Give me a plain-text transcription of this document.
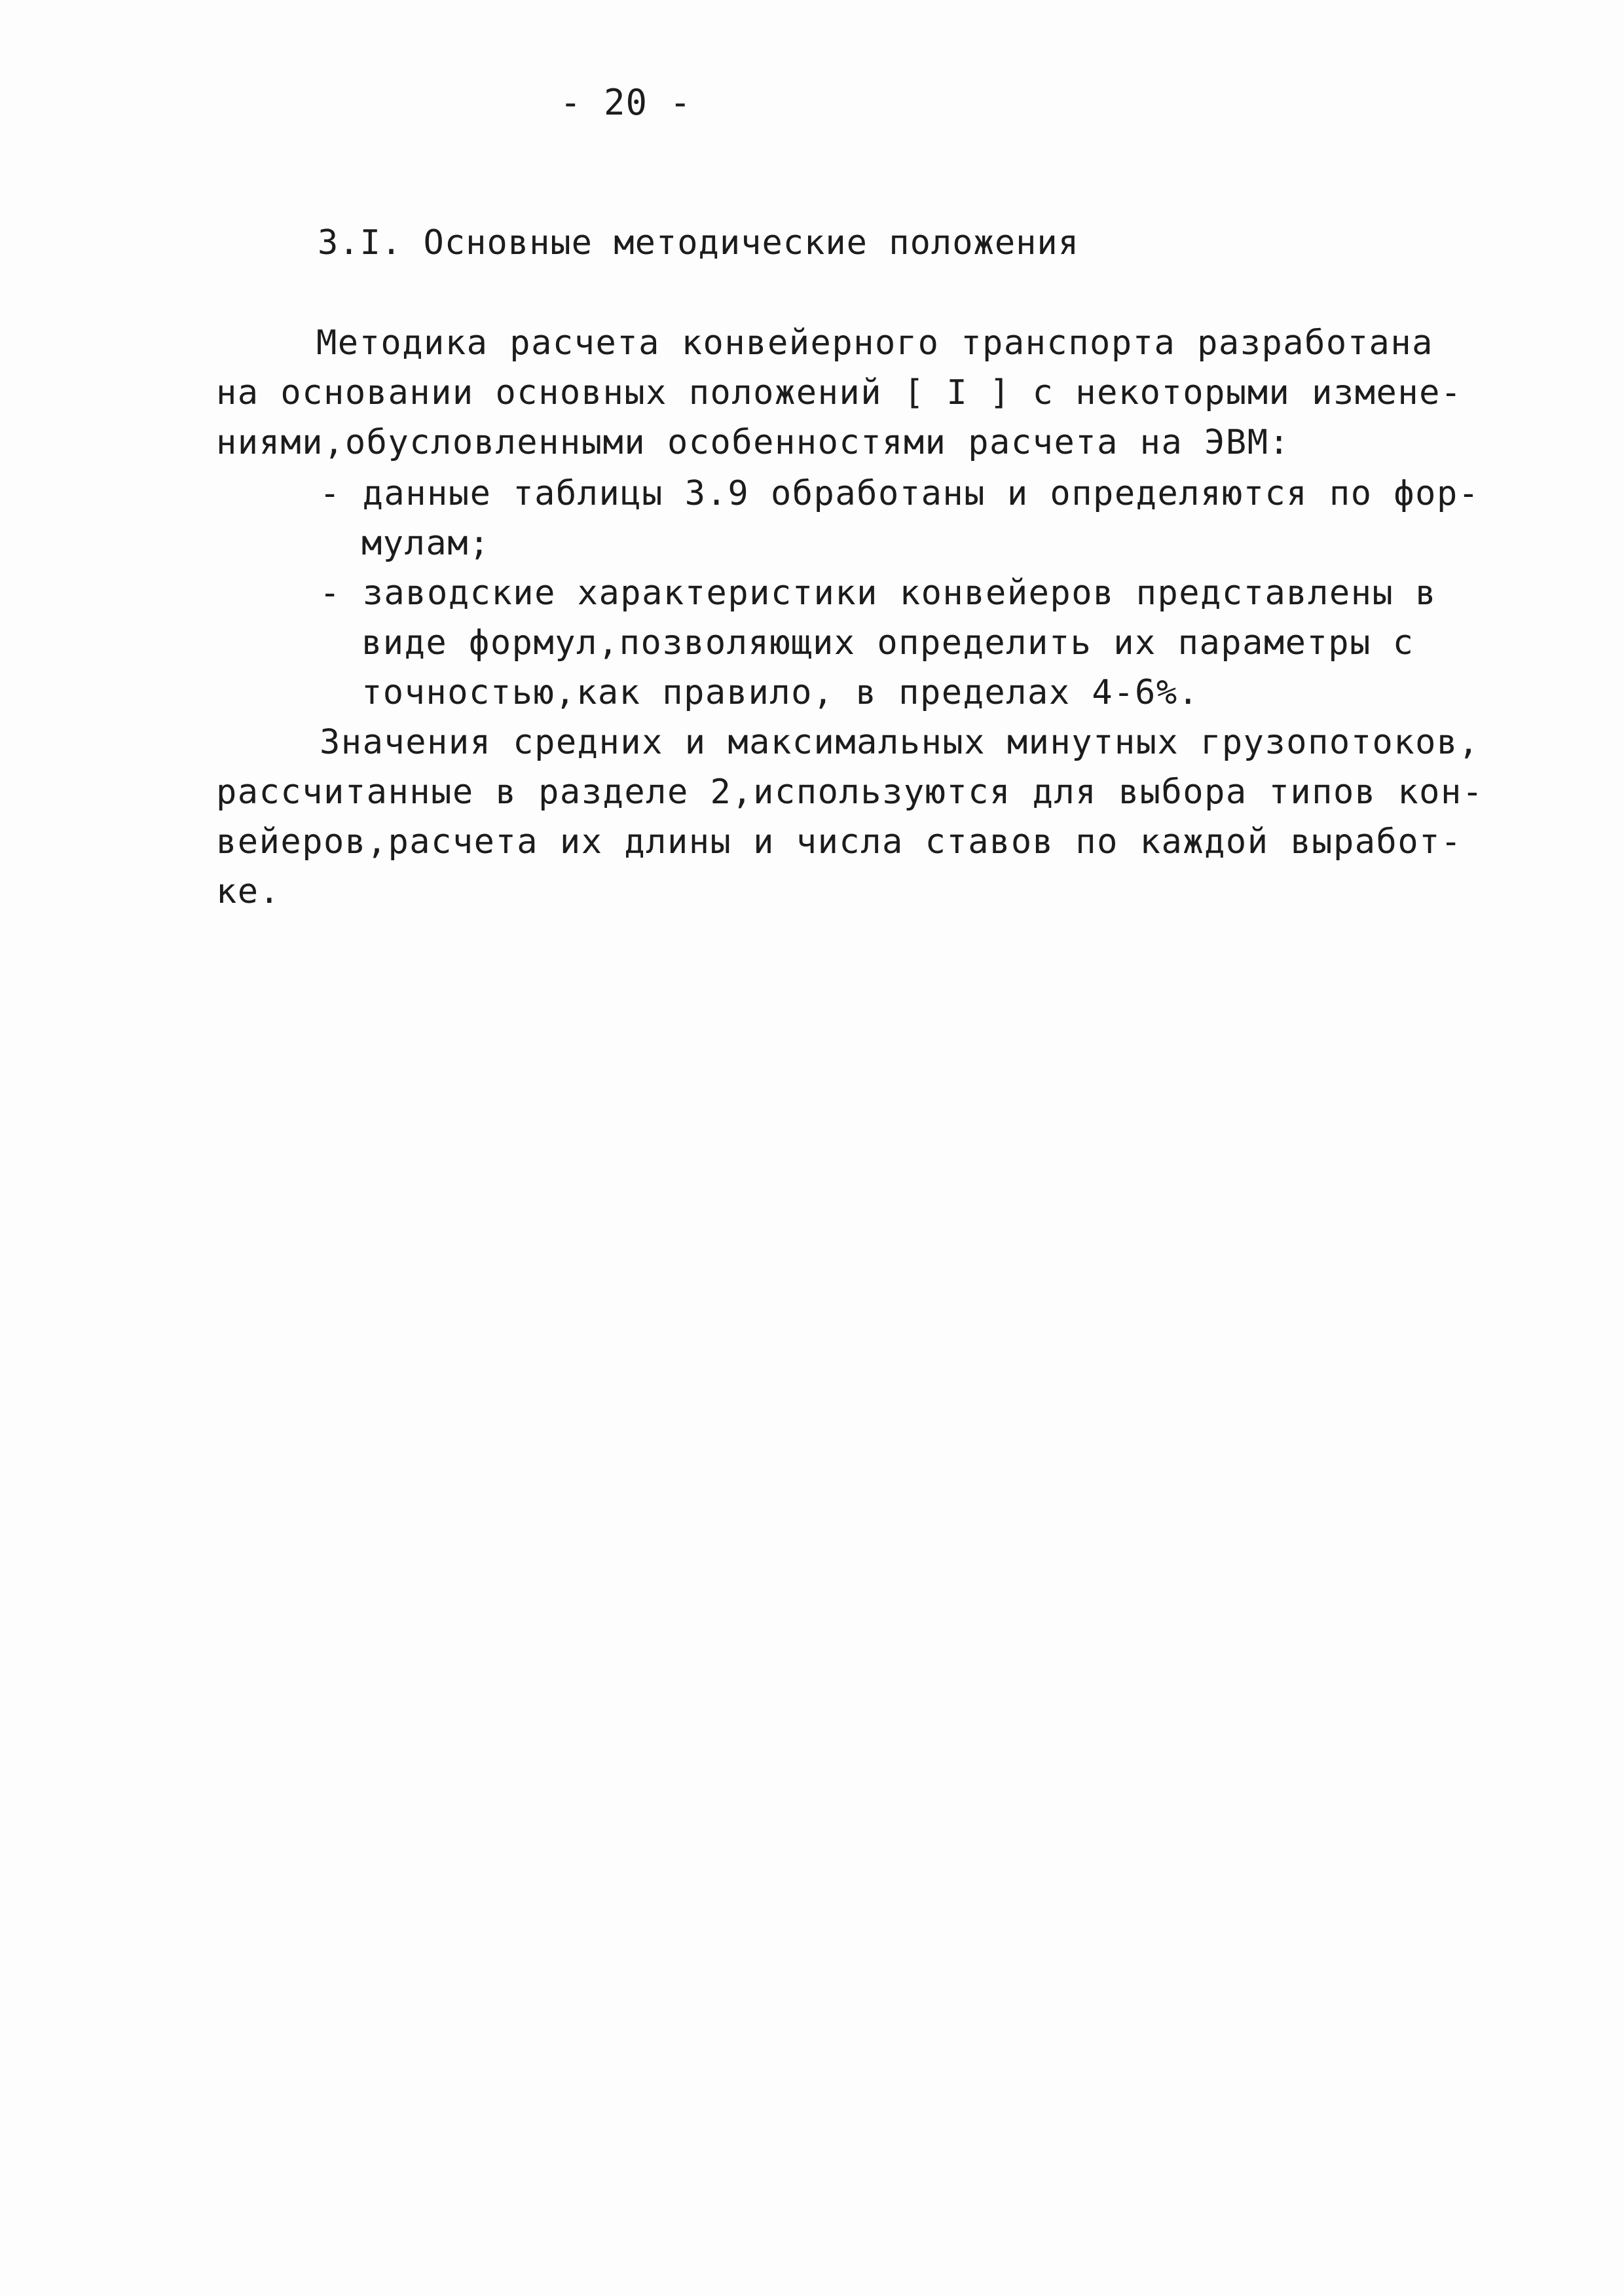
- 20 -
3.I. Основные методические положения
Методика расчета конвейерного транспорта разработана
на основании основных положений [ I ] с некоторыми измене-
ниями,обусловленными особенностями расчета на ЭВМ:
- данные таблицы 3.9 обработаны и определяются по фор-
мулам;
- заводские характеристики конвейеров представлены в
виде формул,позволяющих определить их параметры с
точностью,как правило, в пределах 4-6%.
Значения средних и максимальных минутных грузопотоков,
рассчитанные в разделе 2,используются для выбора типов кон-
вейеров,расчета их длины и числа ставов по каждой выработ-
ке.
